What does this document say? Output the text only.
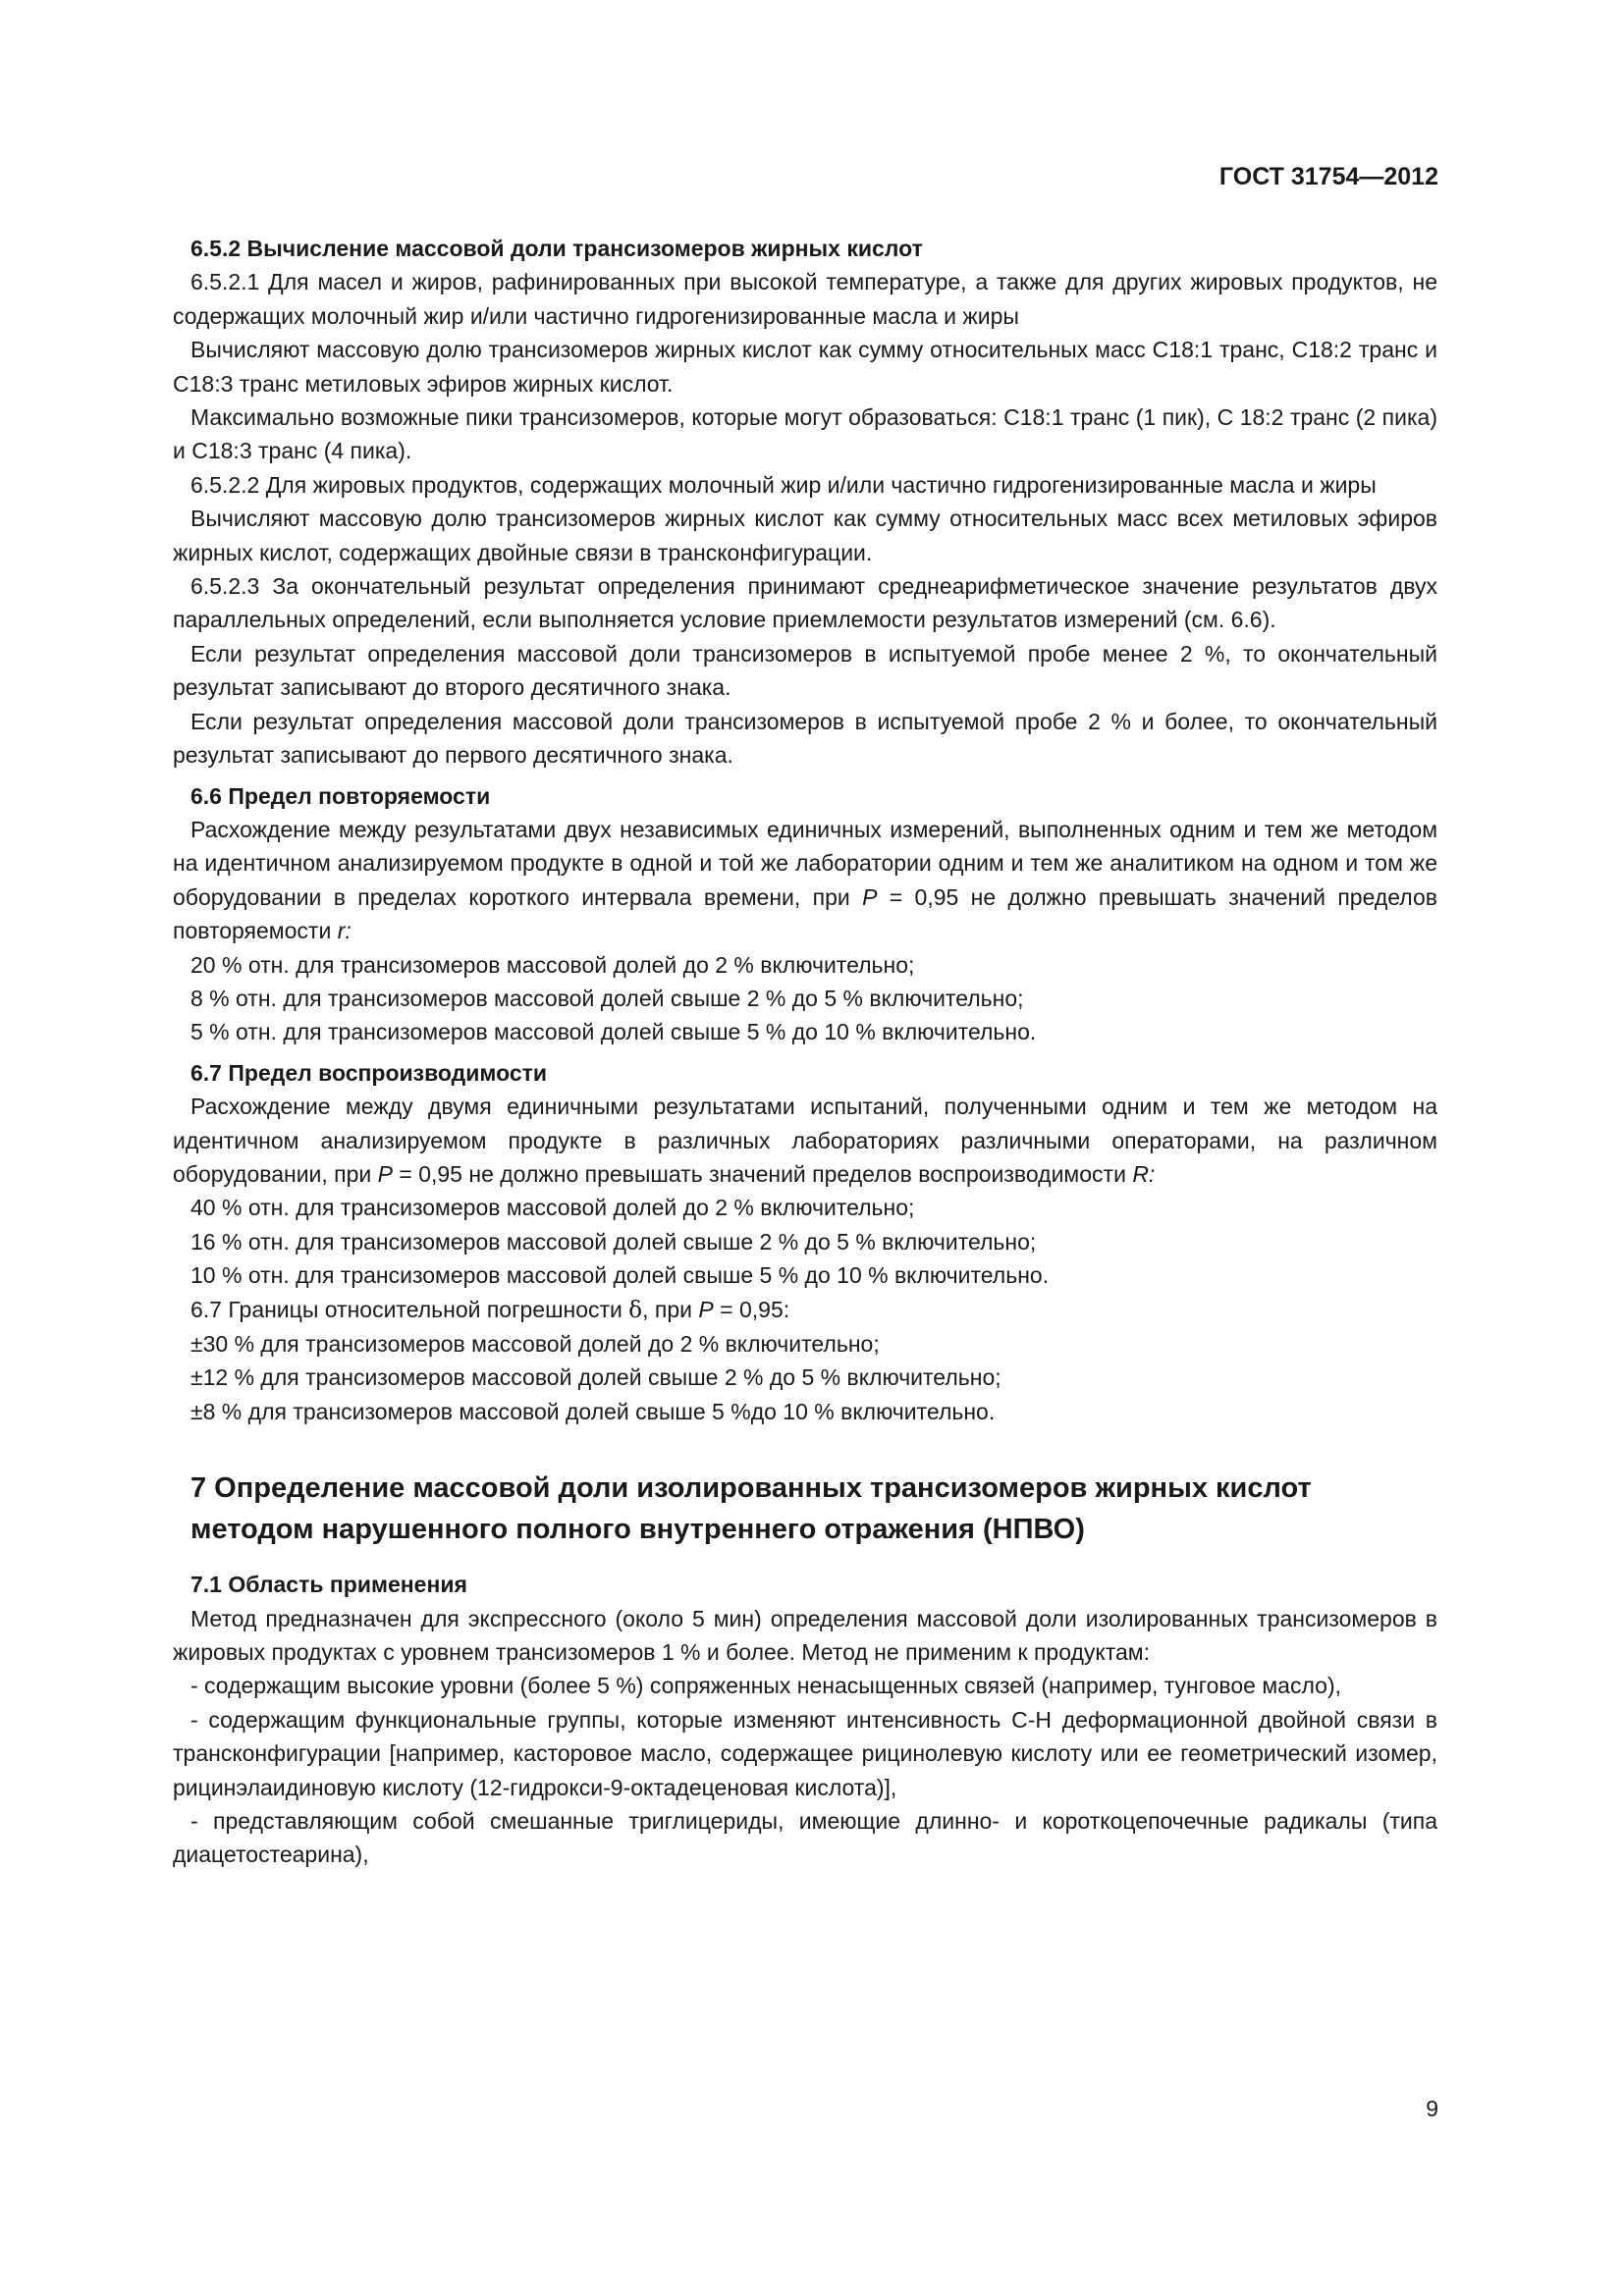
ГОСТ 31754—2012
6.5.2 Вычисление массовой доли трансизомеров жирных кислот

6.5.2.1 Для масел и жиров, рафинированных при высокой температуре, а также для других жировых продуктов, не содержащих молочный жир и/или частично гидрогенизированные масла и жиры

Вычисляют массовую долю трансизомеров жирных кислот как сумму относительных масс С18:1 транс, С18:2 транс и С18:3 транс метиловых эфиров жирных кислот.

Максимально возможные пики трансизомеров, которые могут образоваться: С18:1 транс (1 пик), С 18:2 транс (2 пика) и С18:3 транс (4 пика).

6.5.2.2 Для жировых продуктов, содержащих молочный жир и/или частично гидрогенизированные масла и жиры

Вычисляют массовую долю трансизомеров жирных кислот как сумму относительных масс всех метиловых эфиров жирных кислот, содержащих двойные связи в трансконфигурации.

6.5.2.3 За окончательный результат определения принимают среднеарифметическое значение результатов двух параллельных определений, если выполняется условие приемлемости результатов измерений (см. 6.6).

Если результат определения массовой доли трансизомеров в испытуемой пробе менее 2 %, то окончательный результат записывают до второго десятичного знака.

Если результат определения массовой доли трансизомеров в испытуемой пробе 2 % и более, то окончательный результат записывают до первого десятичного знака.

6.6 Предел повторяемости

Расхождение между результатами двух независимых единичных измерений, выполненных одним и тем же методом на идентичном анализируемом продукте в одной и той же лаборатории одним и тем же аналитиком на одном и том же оборудовании в пределах короткого интервала времени, при P = 0,95 не должно превышать значений пределов повторяемости r:

20 % отн. для трансизомеров массовой долей до 2 % включительно;

8 % отн. для трансизомеров массовой долей свыше 2 % до 5 % включительно;

5 % отн. для трансизомеров массовой долей свыше 5 % до 10 % включительно.

6.7 Предел воспроизводимости

Расхождение между двумя единичными результатами испытаний, полученными одним и тем же методом на идентичном анализируемом продукте в различных лабораториях различными операторами, на различном оборудовании, при P = 0,95 не должно превышать значений пределов воспроизводимости R:

40 % отн. для трансизомеров массовой долей до 2 % включительно;

16 % отн. для трансизомеров массовой долей свыше 2 % до 5 % включительно;

10 % отн. для трансизомеров массовой долей свыше 5 % до 10 % включительно.

6.7 Границы относительной погрешности δ, при P = 0,95:

±30 % для трансизомеров массовой долей до 2 % включительно;

±12 % для трансизомеров массовой долей свыше 2 % до 5 % включительно;

±8 % для трансизомеров массовой долей свыше 5 %до 10 % включительно.

7 Определение массовой доли изолированных трансизомеров жирных кислот методом нарушенного полного внутреннего отражения (НПВО)
7.1 Область применения

Метод предназначен для экспрессного (около 5 мин) определения массовой доли изолированных трансизомеров в жировых продуктах с уровнем трансизомеров 1 % и более. Метод не применим к продуктам:

- содержащим высокие уровни (более 5 %) сопряженных ненасыщенных связей (например, тунговое масло),

- содержащим функциональные группы, которые изменяют интенсивность С-Н деформационной двойной связи в трансконфигурации [например, касторовое масло, содержащее рицинолевую кислоту или ее геометрический изомер, рицинэлаидиновую кислоту (12-гидрокси-9-октадеценовая кислота)],

- представляющим собой смешанные триглицериды, имеющие длинно- и короткоцепочечные радикалы (типа диацетостеарина),

9
